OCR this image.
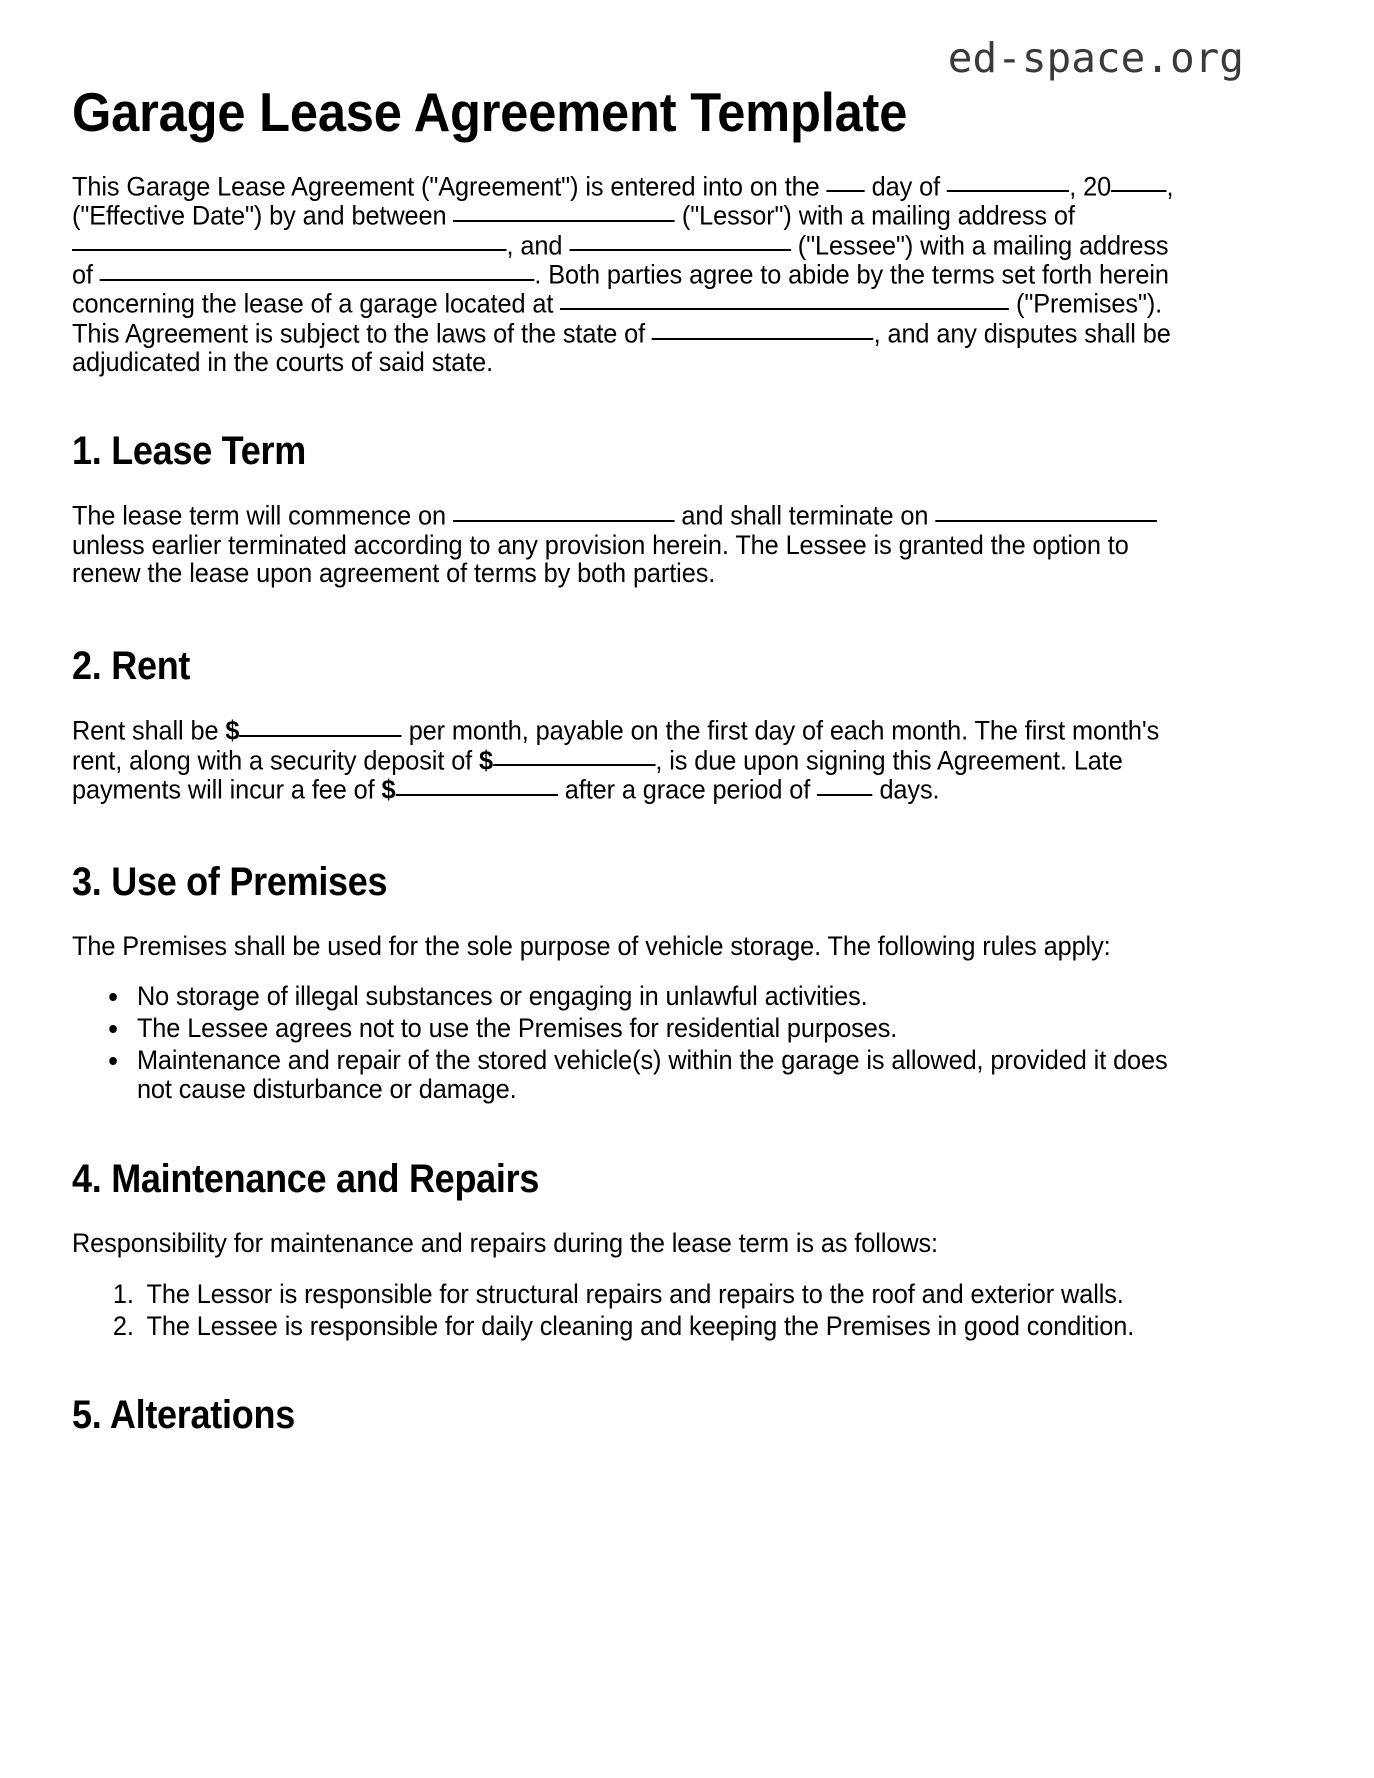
ed-space.org
Garage Lease Agreement Template

This Garage Lease Agreement ("Agreement") is entered into on the  day of	, 20 , ("Effective Date") by and between	("Lessor") with a mailing address of , and	("Lessee") with a mailing address of	. Both parties agree to abide by the terms set forth herein concerning the lease of a garage located at	("Premises"). This Agreement is subject to the laws of the state of	, and any disputes shall be adjudicated in the courts of said state.

1. Lease Term

The lease term will commence on	and shall terminate on  unless earlier terminated according to any provision herein. The Lessee is granted the option to renew the lease upon agreement of terms by both parties.

2. Rent

Rent shall be $	per month, payable on the first day of each month. The first month's rent, along with a security deposit of $	, is due upon signing this Agreement. Late payments will incur a fee of $	after a grace period of  days.

3. Use of Premises

The Premises shall be used for the sole purpose of vehicle storage. The following rules apply:

• No storage of illegal substances or engaging in unlawful activities.
• The Lessee agrees not to use the Premises for residential purposes.
• Maintenance and repair of the stored vehicle(s) within the garage is allowed, provided it does not cause disturbance or damage.
4. Maintenance and Repairs

Responsibility for maintenance and repairs during the lease term is as follows:

1. The Lessor is responsible for structural repairs and repairs to the roof and exterior walls.
2. The Lessee is responsible for daily cleaning and keeping the Premises in good condition.
5. Alterations
